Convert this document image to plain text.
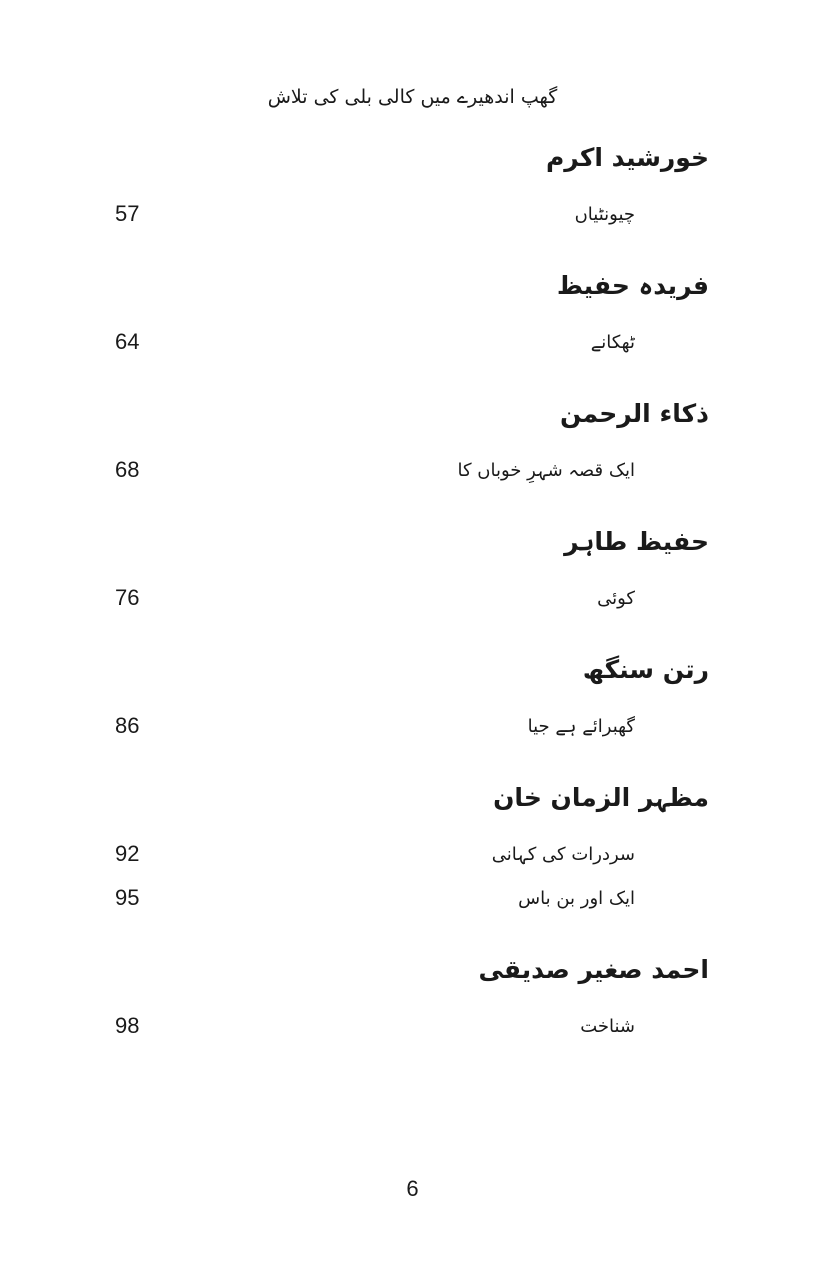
گھپ اندھیرے میں کالی بلی کی تلاش
خورشید اکرم
چیونٹیاں
57
فریدہ حفیظ
ٹھکانے
64
ذکاء الرحمن
ایک قصہ شہرِ خوباں کا
68
حفیظ طاہر
کوئی
76
رتن سنگھ
گھبرائے ہے جیا
86
مظہر الزمان خان
سردرات کی کہانی
92
ایک اور بن باس
95
احمد صغیر صدیقی
شناخت
98
6
